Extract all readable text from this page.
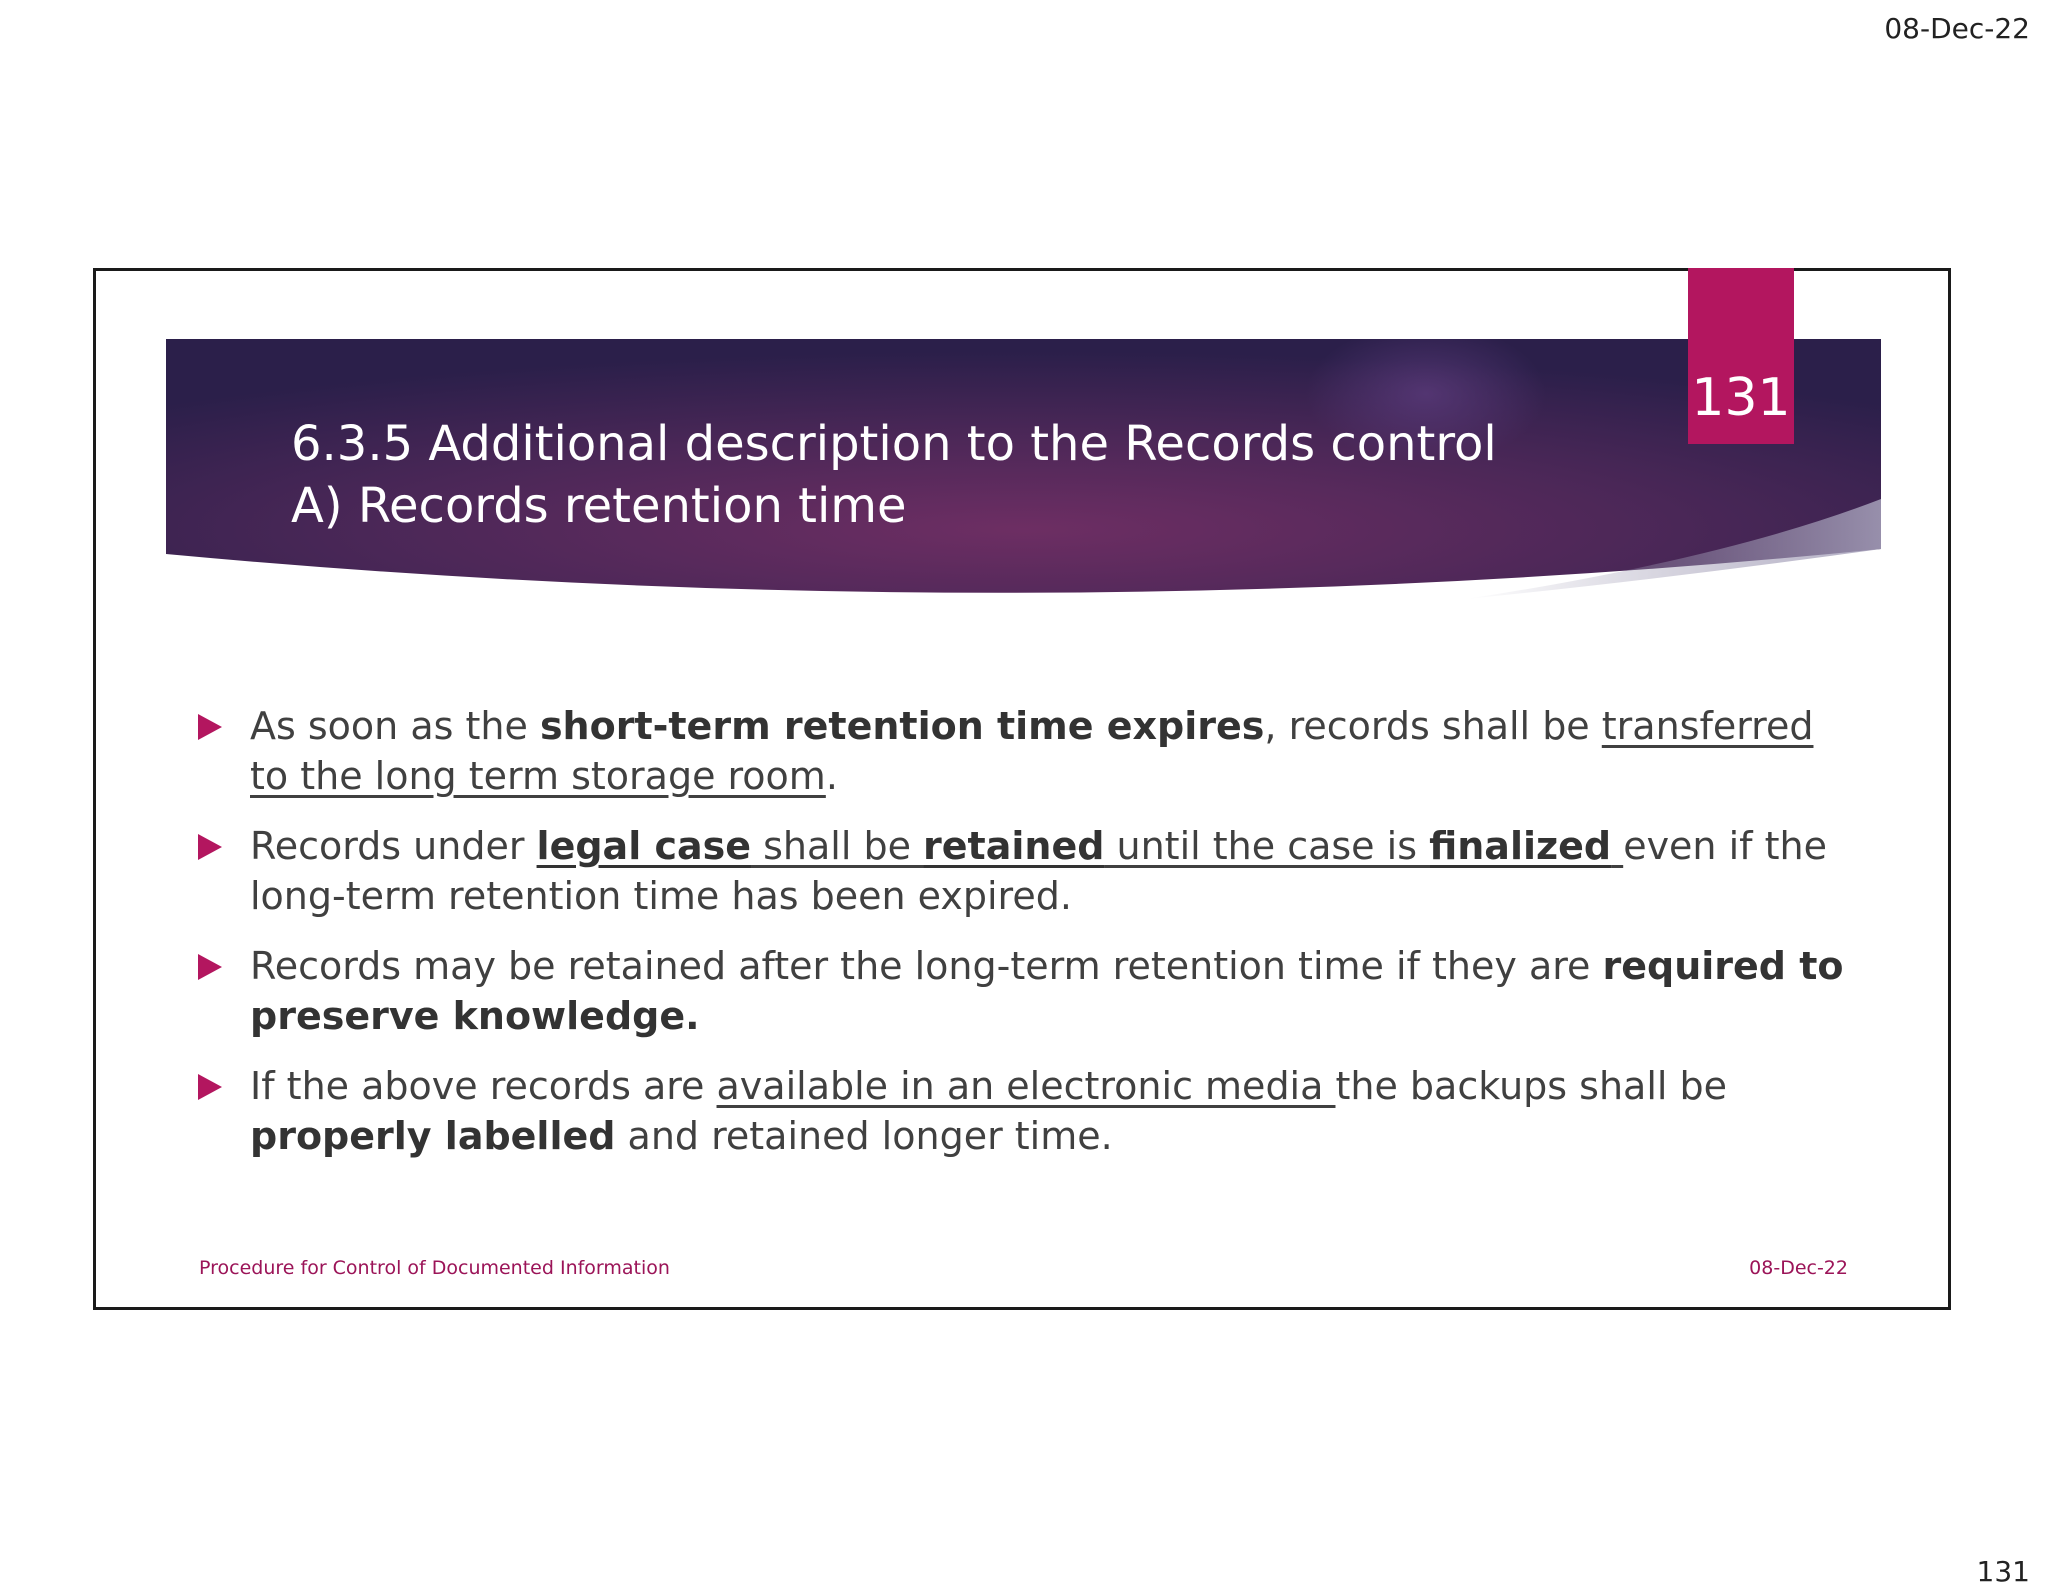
08-Dec-22
131
6.3.5 Additional description to the Records control
A) Records retention time
As soon as the short-term retention time expires, records shall be transferred to the long term storage room.
Records under legal case shall be retained until the case is finalized even if the long-term retention time has been expired.
Records may be retained after the long-term retention time if they are required to preserve knowledge.
If the above records are available in an electronic media the backups shall be properly labelled and retained longer time.
Procedure for Control of Documented Information	08-Dec-22
131
